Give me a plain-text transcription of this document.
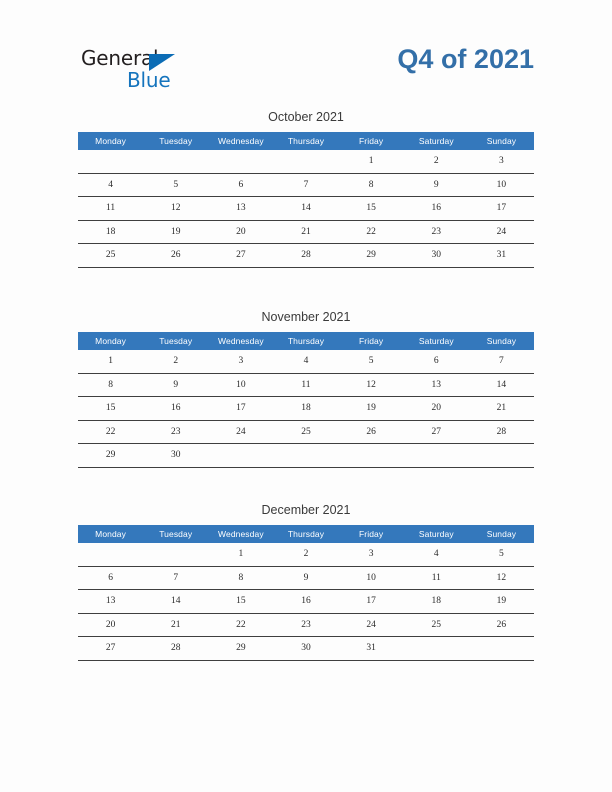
General
Blue
Q4 of 2021
October 2021
Monday	Tuesday	Wednesday	Thursday	Friday	Saturday	Sunday
				1	2	3
4	5	6	7	8	9	10
11	12	13	14	15	16	17
18	19	20	21	22	23	24
25	26	27	28	29	30	31
November 2021
Monday	Tuesday	Wednesday	Thursday	Friday	Saturday	Sunday
1	2	3	4	5	6	7
8	9	10	11	12	13	14
15	16	17	18	19	20	21
22	23	24	25	26	27	28
29	30					
December 2021
Monday	Tuesday	Wednesday	Thursday	Friday	Saturday	Sunday
		1	2	3	4	5
6	7	8	9	10	11	12
13	14	15	16	17	18	19
20	21	22	23	24	25	26
27	28	29	30	31		
